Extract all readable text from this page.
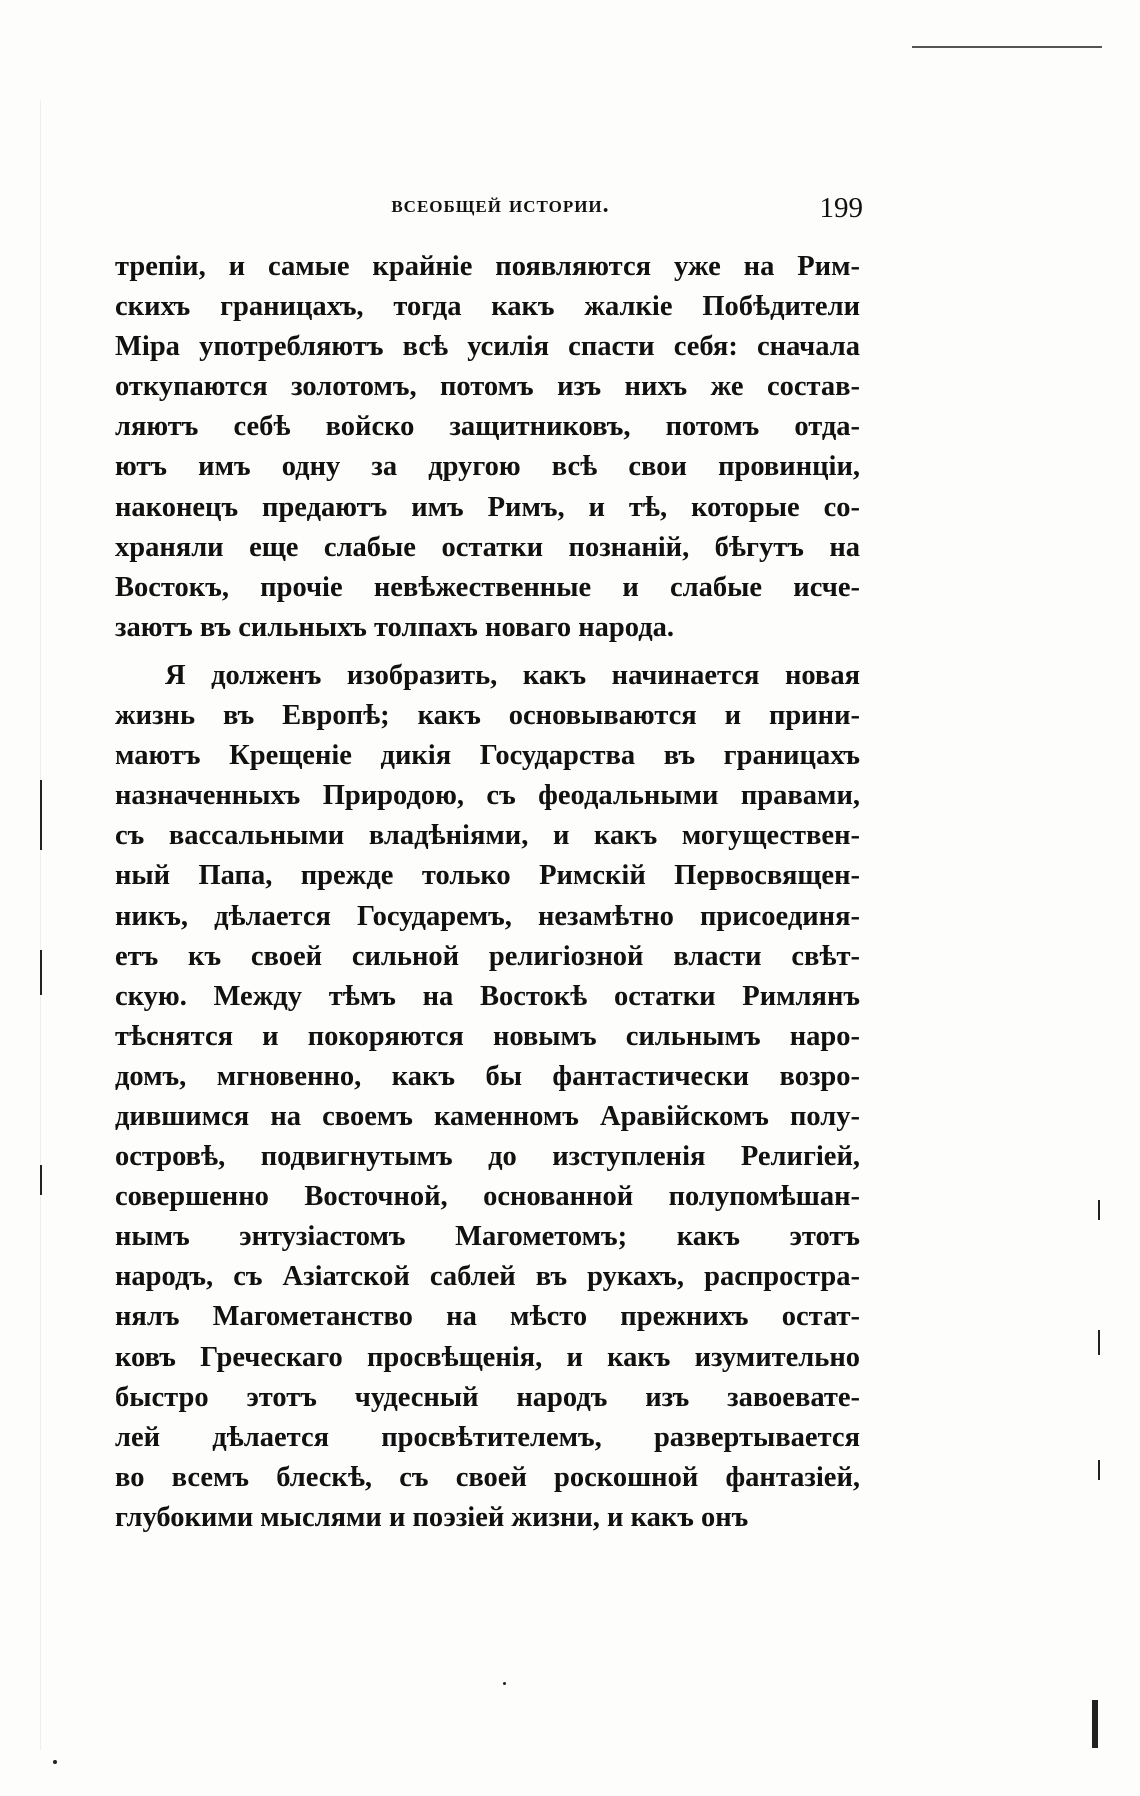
всеобщей истории.	199
трепіи, и самые крайніе появляются уже на Рим-
скихъ границахъ, тогда какъ жалкіе Побѣдители
Міра употребляютъ всѣ усилія спасти себя: сначала
откупаются золотомъ, потомъ изъ нихъ же состав-
ляютъ себѣ войско защитниковъ, потомъ отда-
ютъ имъ одну за другою всѣ свои провинціи,
наконецъ предаютъ имъ Римъ, и тѣ, которые со-
храняли еще слабые остатки познаній, бѣгутъ на
Востокъ, прочіе невѣжественные и слабые исче-
заютъ въ сильныхъ толпахъ новаго народа.
Я долженъ изобразить, какъ начинается новая
жизнь въ Европѣ; какъ основываются и прини-
маютъ Крещеніе дикія Государства въ границахъ
назначенныхъ Природою, съ феодальными правами,
съ вассальными владѣніями, и какъ могуществен-
ный Папа, прежде только Римскій Первосвящен-
никъ, дѣлается Государемъ, незамѣтно присоединя-
етъ къ своей сильной религіозной власти свѣт-
скую. Между тѣмъ на Востокѣ остатки Римлянъ
тѣснятся и покоряются новымъ сильнымъ наро-
домъ, мгновенно, какъ бы фантастически возро-
дившимся на своемъ каменномъ Аравійскомъ полу-
островѣ, подвигнутымъ до изступленія Религіей,
совершенно Восточной, основанной полупомѣшан-
нымъ энтузіастомъ Магометомъ; какъ этотъ
народъ, съ Азіатской саблей въ рукахъ, распростра-
нялъ Магометанство на мѣсто прежнихъ остат-
ковъ Греческаго просвѣщенія, и какъ изумительно
быстро этотъ чудесный народъ изъ завоевате-
лей дѣлается просвѣтителемъ, развертывается
во всемъ блескѣ, съ своей роскошной фантазіей,
глубокими мыслями и поэзіей жизни, и какъ онъ
